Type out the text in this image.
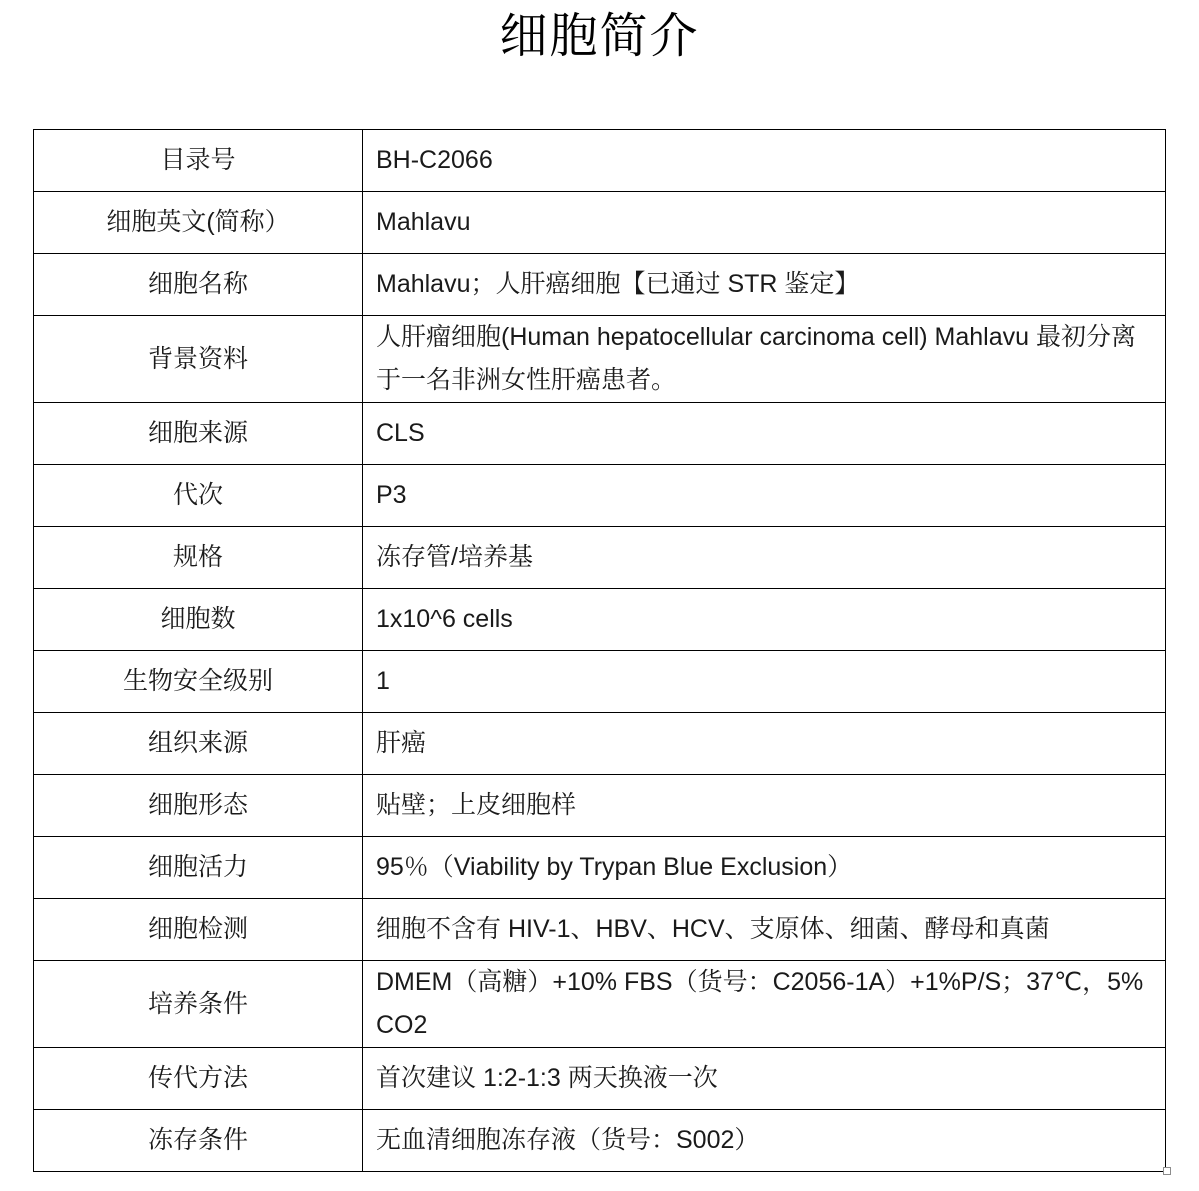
细胞简介
目录号	BH-C2066
细胞英文(简称）	Mahlavu
细胞名称	Mahlavu；人肝癌细胞【已通过 STR 鉴定】
背景资料	人肝瘤细胞(Human hepatocellular carcinoma cell) Mahlavu 最初分离于一名非洲女性肝癌患者。
细胞来源	CLS
代次	P3
规格	冻存管/培养基
细胞数	1x10^6 cells
生物安全级别	1
组织来源	肝癌
细胞形态	贴壁；上皮细胞样
细胞活力	95％（Viability by Trypan Blue Exclusion）
细胞检测	细胞不含有 HIV-1、HBV、HCV、支原体、细菌、酵母和真菌
培养条件	DMEM（高糖）+10% FBS（货号：C2056-1A）+1%P/S；37℃，5% CO2
传代方法	首次建议 1:2-1:3 两天换液一次
冻存条件	无血清细胞冻存液（货号：S002）
